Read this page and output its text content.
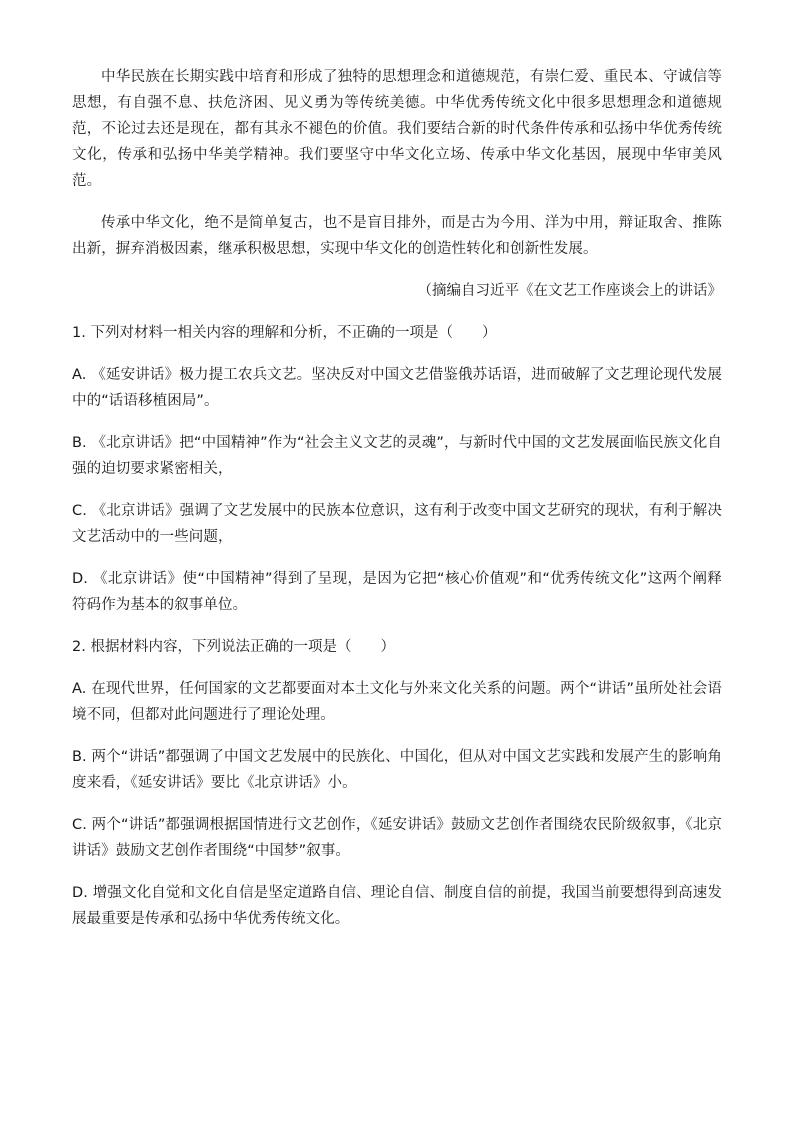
中华民族在长期实践中培育和形成了独特的思想理念和道德规范，有崇仁爱、重民本、守诚信等思想，有自强不息、扶危济困、见义勇为等传统美德。中华优秀传统文化中很多思想理念和道德规范，不论过去还是现在，都有其永不褪色的价值。我们要结合新的时代条件传承和弘扬中华优秀传统文化，传承和弘扬中华美学精神。我们要坚守中华文化立场、传承中华文化基因，展现中华审美风范。

传承中华文化，绝不是简单复古，也不是盲目排外，而是古为今用、洋为中用，辩证取舍、推陈出新，摒弃消极因素，继承积极思想，实现中华文化的创造性转化和创新性发展。

（摘编自习近平《在文艺工作座谈会上的讲话》

1. 下列对材料一相关内容的理解和分析，不正确的一项是（　　）

A. 《延安讲话》极力提工农兵文艺。坚决反对中国文艺借鉴俄苏话语，进而破解了文艺理论现代发展中的“话语移植困局”。

B. 《北京讲话》把“中国精神”作为“社会主义文艺的灵魂”，与新时代中国的文艺发展面临民族文化自强的迫切要求紧密相关，

C. 《北京讲话》强调了文艺发展中的民族本位意识，这有利于改变中国文艺研究的现状，有利于解决文艺活动中的一些问题，

D. 《北京讲话》使“中国精神”得到了呈现，是因为它把“核心价值观”和“优秀传统文化”这两个阐释符码作为基本的叙事单位。

2. 根据材料内容，下列说法正确的一项是（　　）

A. 在现代世界，任何国家的文艺都要面对本土文化与外来文化关系的问题。两个“讲话”虽所处社会语境不同，但都对此问题进行了理论处理。

B. 两个“讲话”都强调了中国文艺发展中的民族化、中国化，但从对中国文艺实践和发展产生的影响角度来看，《延安讲话》要比《北京讲话》小。

C. 两个“讲话”都强调根据国情进行文艺创作，《延安讲话》鼓励文艺创作者围绕农民阶级叙事，《北京讲话》鼓励文艺创作者围绕“中国梦”叙事。

D. 增强文化自觉和文化自信是坚定道路自信、理论自信、制度自信的前提，我国当前要想得到高速发展最重要是传承和弘扬中华优秀传统文化。
